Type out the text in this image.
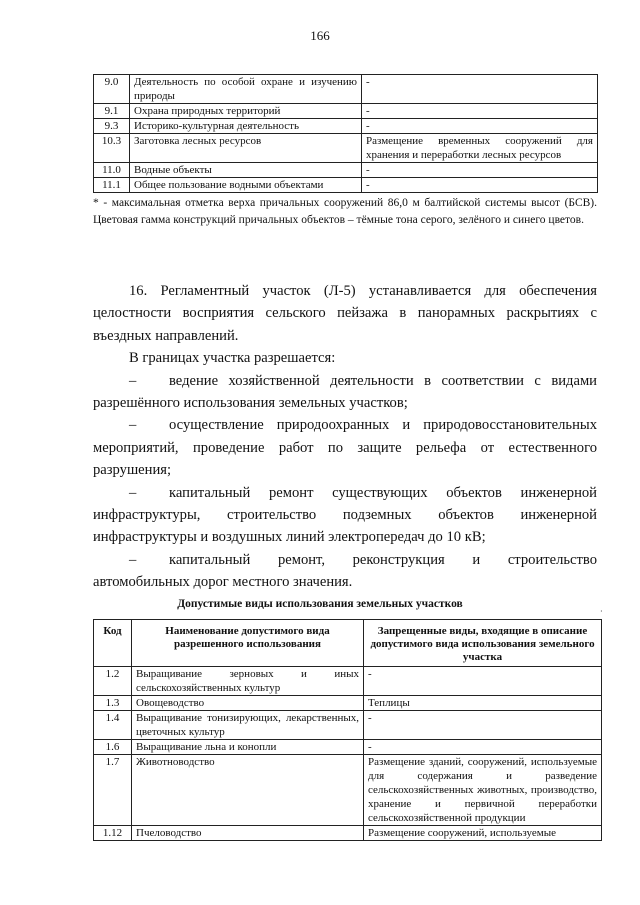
166
9.0	Деятельность по особой охране и изучению природы	-
9.1	Охрана природных территорий	-
9.3	Историко-культурная деятельность	-
10.3	Заготовка лесных ресурсов	Размещение временных сооружений для хранения и переработки лесных ресурсов
11.0	Водные объекты	-
11.1	Общее пользование водными объектами	-
* - максимальная отметка верха причальных сооружений 86,0 м балтийской системы высот (БСВ). Цветовая гамма конструкций причальных объектов – тёмные тона серого, зелёного и синего цветов.

16. Регламентный участок (Л-5) устанавливается для обеспечения целостности восприятия сельского пейзажа в панорамных раскрытиях с въездных направлений.

В границах участка разрешается:

– ведение хозяйственной деятельности в соответствии с видами разрешённого использования земельных участков;

– осуществление природоохранных и природовосстановительных мероприятий, проведение работ по защите рельефа от естественного разрушения;

– капитальный ремонт существующих объектов инженерной инфраструктуры, строительство подземных объектов инженерной инфраструктуры и воздушных линий электропередач до 10 кВ;

– капитальный ремонт, реконструкция и строительство автомобильных дорог местного значения.

Допустимые виды использования земельных участков
·
Код	Наименование допустимого вида разрешенного использования	Запрещенные виды, входящие в описание допустимого вида использования земельного участка
1.2	Выращивание зерновых и иных сельскохозяйственных культур	-
1.3	Овощеводство	Теплицы
1.4	Выращивание тонизирующих, лекарственных, цветочных культур	-
1.6	Выращивание льна и конопли	-
1.7	Животноводство	Размещение зданий, сооружений, используемые для содержания и разведение сельскохозяйственных животных, производство, хранение и первичной переработки сельскохозяйственной продукции
1.12	Пчеловодство	Размещение сооружений, используемые
